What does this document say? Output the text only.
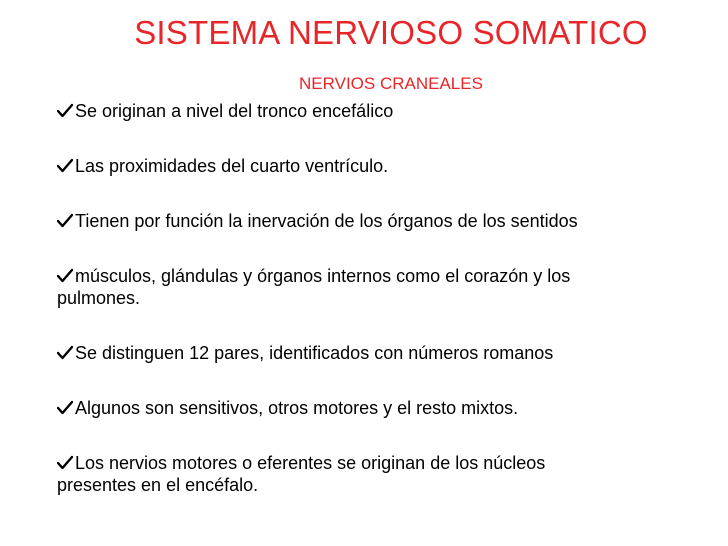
SISTEMA NERVIOSO SOMATICO
NERVIOS CRANEALES
Se originan a nivel del tronco encefálico
Las proximidades del cuarto ventrículo.
Tienen por función la inervación de los órganos de los sentidos
músculos, glándulas y órganos internos como el corazón y los
pulmones.
Se distinguen 12 pares, identificados con números romanos
Algunos son sensitivos, otros motores y el resto mixtos.
Los nervios motores o eferentes se originan de los núcleos
presentes en el encéfalo.
